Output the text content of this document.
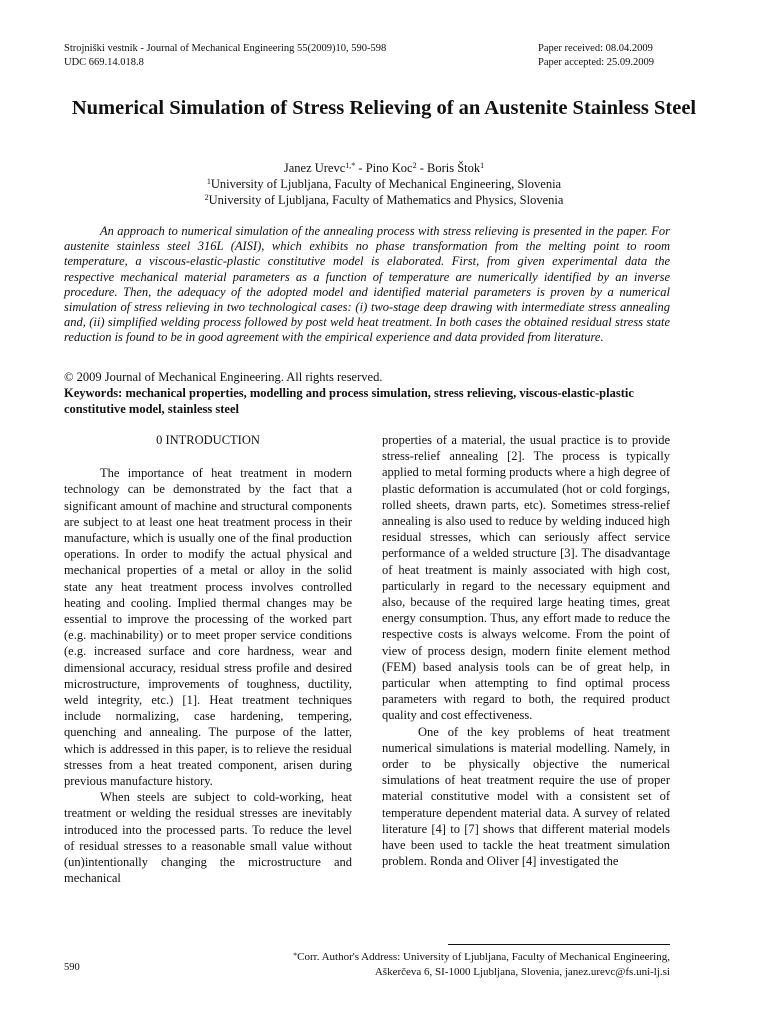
Strojniški vestnik - Journal of Mechanical Engineering 55(2009)10, 590-598
UDC 669.14.018.8
Paper received: 08.04.2009
Paper accepted: 25.09.2009
Numerical Simulation of Stress Relieving of an Austenite Stainless Steel
Janez Urevc$^{1,*}$ - Pino Koc$^2$ - Boris Štok$^1$
$^1$University of Ljubljana, Faculty of Mechanical Engineering, Slovenia
$^2$University of Ljubljana, Faculty of Mathematics and Physics, Slovenia

An approach to numerical simulation of the annealing process with stress relieving is presented in the paper. For austenite stainless steel 316L (AISI), which exhibits no phase transformation from the melting point to room temperature, a viscous-elastic-plastic constitutive model is elaborated. First, from given experimental data the respective mechanical material parameters as a function of temperature are numerically identified by an inverse procedure. Then, the adequacy of the adopted model and identified material parameters is proven by a numerical simulation of stress relieving in two technological cases: (i) two-stage deep drawing with intermediate stress annealing and, (ii) simplified welding process followed by post weld heat treatment. In both cases the obtained residual stress state reduction is found to be in good agreement with the empirical experience and data provided from literature.

© 2009 Journal of Mechanical Engineering. All rights reserved.

Keywords: mechanical properties, modelling and process simulation, stress relieving, viscous-elastic-plastic constitutive model, stainless steel

0 INTRODUCTION

The importance of heat treatment in modern technology can be demonstrated by the fact that a significant amount of machine and structural components are subject to at least one heat treatment process in their manufacture, which is usually one of the final production operations. In order to modify the actual physical and mechanical properties of a metal or alloy in the solid state any heat treatment process involves controlled heating and cooling. Implied thermal changes may be essential to improve the processing of the worked part (e.g. machinability) or to meet proper service conditions (e.g. increased surface and core hardness, wear and dimensional accuracy, residual stress profile and desired microstructure, improvements of toughness, ductility, weld integrity, etc.) [1]. Heat treatment techniques include normalizing, case hardening, tempering, quenching and annealing. The purpose of the latter, which is addressed in this paper, is to relieve the residual stresses from a heat treated component, arisen during previous manufacture history.

When steels are subject to cold-working, heat treatment or welding the residual stresses are inevitably introduced into the processed parts. To reduce the level of residual stresses to a reasonable small value without (un)intentionally changing the microstructure and mechanical

properties of a material, the usual practice is to provide stress-relief annealing [2]. The process is typically applied to metal forming products where a high degree of plastic deformation is accumulated (hot or cold forgings, rolled sheets, drawn parts, etc). Sometimes stress-relief annealing is also used to reduce by welding induced high residual stresses, which can seriously affect service performance of a welded structure [3]. The disadvantage of heat treatment is mainly associated with high cost, particularly in regard to the necessary equipment and also, because of the required large heating times, great energy consumption. Thus, any effort made to reduce the respective costs is always welcome. From the point of view of process design, modern finite element method (FEM) based analysis tools can be of great help, in particular when attempting to find optimal process parameters with regard to both, the required product quality and cost effectiveness.

One of the key problems of heat treatment numerical simulations is material modelling. Namely, in order to be physically objective the numerical simulations of heat treatment require the use of proper material constitutive model with a consistent set of temperature dependent material data. A survey of related literature [4] to [7] shows that different material models have been used to tackle the heat treatment simulation problem. Ronda and Oliver [4] investigated the

*Corr. Author's Address: University of Ljubljana, Faculty of Mechanical Engineering,
Aškerčeva 6, SI-1000 Ljubljana, Slovenia, janez.urevc@fs.uni-lj.si
590
